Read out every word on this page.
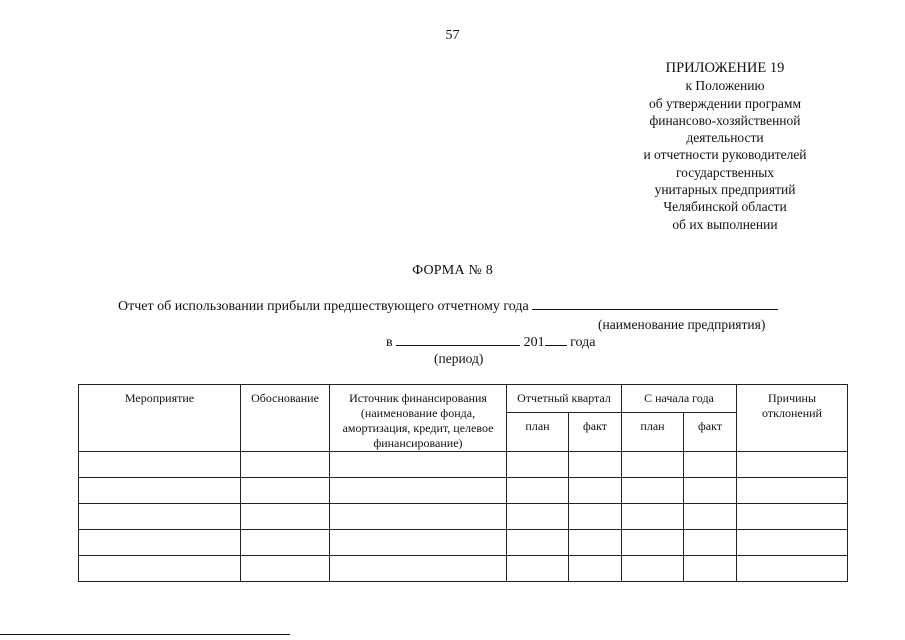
57
ПРИЛОЖЕНИЕ 19
к Положению
об утверждении программ
финансово-хозяйственной
деятельности
и отчетности руководителей
государственных
унитарных предприятий
Челябинской области
об их выполнении
ФОРМА № 8
Отчет об использовании прибыли предшествующего отчетному года
(наименование предприятия)
в	201 года
(период)
Мероприятие	Обоснование	Источник финансирования (наименование фонда, амортизация, кредит, целевое финансирование)	Отчетный квартал		С начала года		Причины отклонений
			план	факт	план	факт	
